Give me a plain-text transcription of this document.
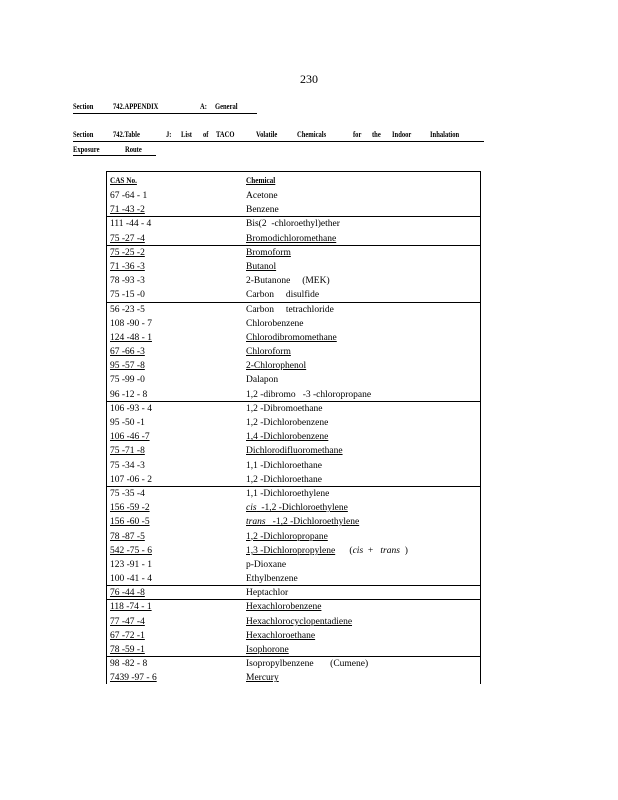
230
Section 742.APPENDIX	A: General
Section 742.Table	J: List of TACO	Volatile Chemicals	for the Indoor Inhalation
Exposure	Route
CAS No.	Chemical
67 -64 - 1	Acetone
71 -43 -2	Benzene
111 -44 - 4	Bis(2  -chloroethyl)ether
75 -27 -4	Bromodichloromethane
75 -25 -2	Bromoform
71 -36 -3	Butanol
78 -93 -3	2-Butanone     (MEK)
75 -15 -0	Carbon     disulfide
56 -23 -5	Carbon     tetrachloride
108 -90 - 7	Chlorobenzene
124 -48 - 1	Chlorodibromomethane
67 -66 -3	Chloroform
95 -57 -8	2-Chlorophenol
75 -99 -0	Dalapon
96 -12 - 8	1,2 -dibromo   -3 -chloropropane
106 -93 - 4	1,2 -Dibromoethane
95 -50 -1	1,2 -Dichlorobenzene
106 -46 -7	1,4 -Dichlorobenzene
75 -71 -8	Dichlorodifluoromethane
75 -34 -3	1,1 -Dichloroethane
107 -06 - 2	1,2 -Dichloroethane
75 -35 -4	1,1 -Dichloroethylene
156 -59 -2	cis  -1,2 -Dichloroethylene
156 -60 -5	trans   -1,2 -Dichloroethylene
78 -87 -5	1,2 -Dichloropropane
542 -75 - 6	1,3 -Dichloropropylene      (cis  +   trans  )
123 -91 - 1	p-Dioxane
100 -41 - 4	Ethylbenzene
76 -44 -8	Heptachlor
118 -74 - 1	Hexachlorobenzene
77 -47 -4	Hexachlorocyclopentadiene
67 -72 -1	Hexachloroethane
78 -59 -1	Isophorone
98 -82 - 8	Isopropylbenzene       (Cumene)
7439 -97 - 6	Mercury
